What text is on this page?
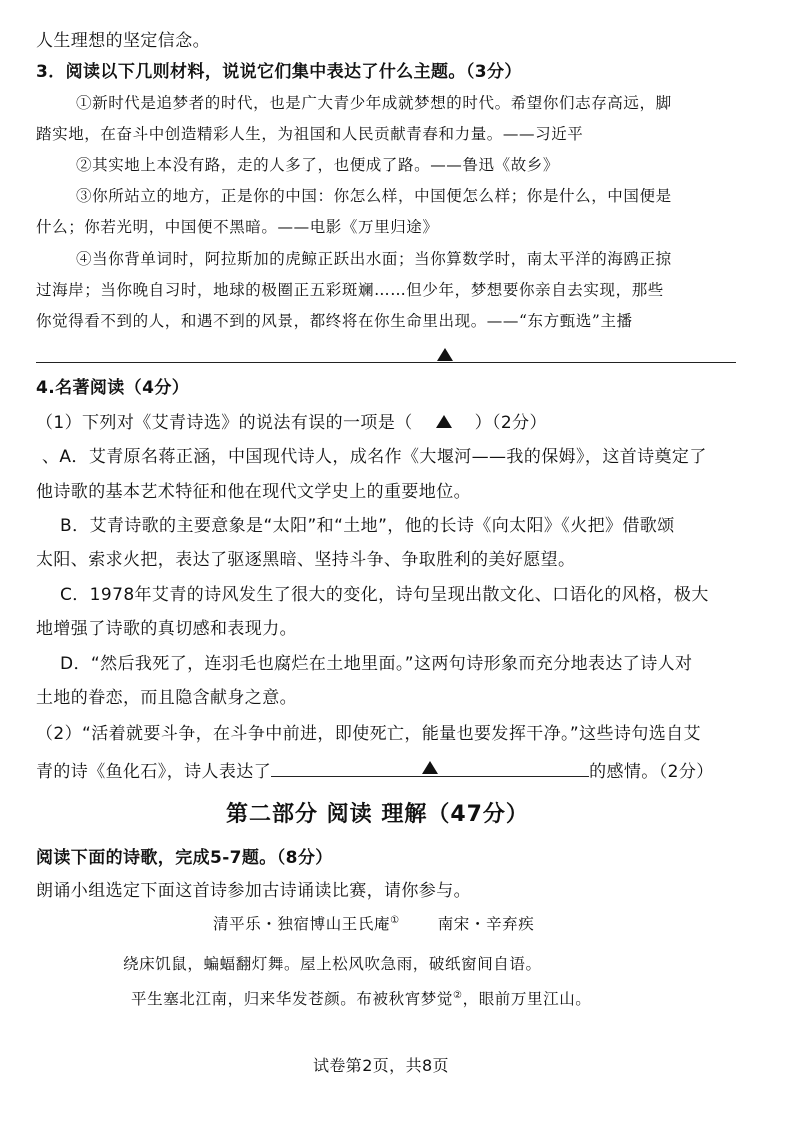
人生理想的坚定信念。
3．阅读以下几则材料，说说它们集中表达了什么主题。（3分）
①新时代是追梦者的时代，也是广大青少年成就梦想的时代。希望你们志存高远，脚
踏实地，在奋斗中创造精彩人生，为祖国和人民贡献青春和力量。——习近平
②其实地上本没有路，走的人多了，也便成了路。——鲁迅《故乡》
③你所站立的地方，正是你的中国：你怎么样，中国便怎么样；你是什么，中国便是
什么；你若光明，中国便不黑暗。——电影《万里归途》
④当你背单词时，阿拉斯加的虎鲸正跃出水面；当你算数学时，南太平洋的海鸥正掠
过海岸；当你晚自习时，地球的极圈正五彩斑斓……但少年，梦想要你亲自去实现，那些
你觉得看不到的人，和遇不到的风景，都终将在你生命里出现。——“东方甄选”主播
4.名著阅读（4分）
（1）下列对《艾青诗选》的说法有误的一项是（	）（2分）
、A．艾青原名蒋正涵，中国现代诗人，成名作《大堰河——我的保姆》，这首诗奠定了
他诗歌的基本艺术特征和他在现代文学史上的重要地位。
B．艾青诗歌的主要意象是“太阳”和“土地”，他的长诗《向太阳》《火把》借歌颂
太阳、索求火把，表达了驱逐黑暗、坚持斗争、争取胜利的美好愿望。
C．1978年艾青的诗风发生了很大的变化，诗句呈现出散文化、口语化的风格，极大
地增强了诗歌的真切感和表现力。
D．“然后我死了，连羽毛也腐烂在土地里面。”这两句诗形象而充分地表达了诗人对
土地的眷恋，而且隐含献身之意。
（2）“活着就要斗争，在斗争中前进，即使死亡，能量也要发挥干净。”这些诗句选自艾
青的诗《鱼化石》，诗人表达了	的感情。（2分）
第二部分 阅读 理解（47分）
阅读下面的诗歌，完成5-7题。（8分）
朗诵小组选定下面这首诗参加古诗诵读比赛，请你参与。
清平乐・独宿博山王氏庵① 南宋・辛弃疾
绕床饥鼠，蝙蝠翻灯舞。屋上松风吹急雨，破纸窗间自语。
平生塞北江南，归来华发苍颜。布被秋宵梦觉②，眼前万里江山。
试卷第2页，共8页
